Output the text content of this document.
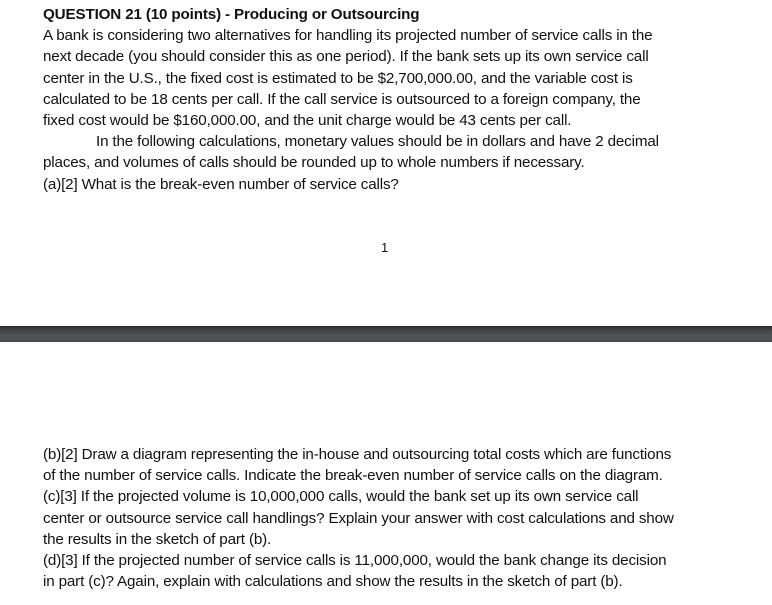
QUESTION 21 (10 points) - Producing or Outsourcing
A bank is considering two alternatives for handling its projected number of service calls in the
next decade (you should consider this as one period). If the bank sets up its own service call
center in the U.S., the fixed cost is estimated to be $2,700,000.00, and the variable cost is
calculated to be 18 cents per call. If the call service is outsourced to a foreign company, the
fixed cost would be $160,000.00, and the unit charge would be 43 cents per call.
In the following calculations, monetary values should be in dollars and have 2 decimal
places, and volumes of calls should be rounded up to whole numbers if necessary.
(a)[2] What is the break-even number of service calls?
1
(b)[2] Draw a diagram representing the in-house and outsourcing total costs which are functions
of the number of service calls. Indicate the break-even number of service calls on the diagram.
(c)[3] If the projected volume is 10,000,000 calls, would the bank set up its own service call
center or outsource service call handlings? Explain your answer with cost calculations and show
the results in the sketch of part (b).
(d)[3] If the projected number of service calls is 11,000,000, would the bank change its decision
in part (c)? Again, explain with calculations and show the results in the sketch of part (b).
